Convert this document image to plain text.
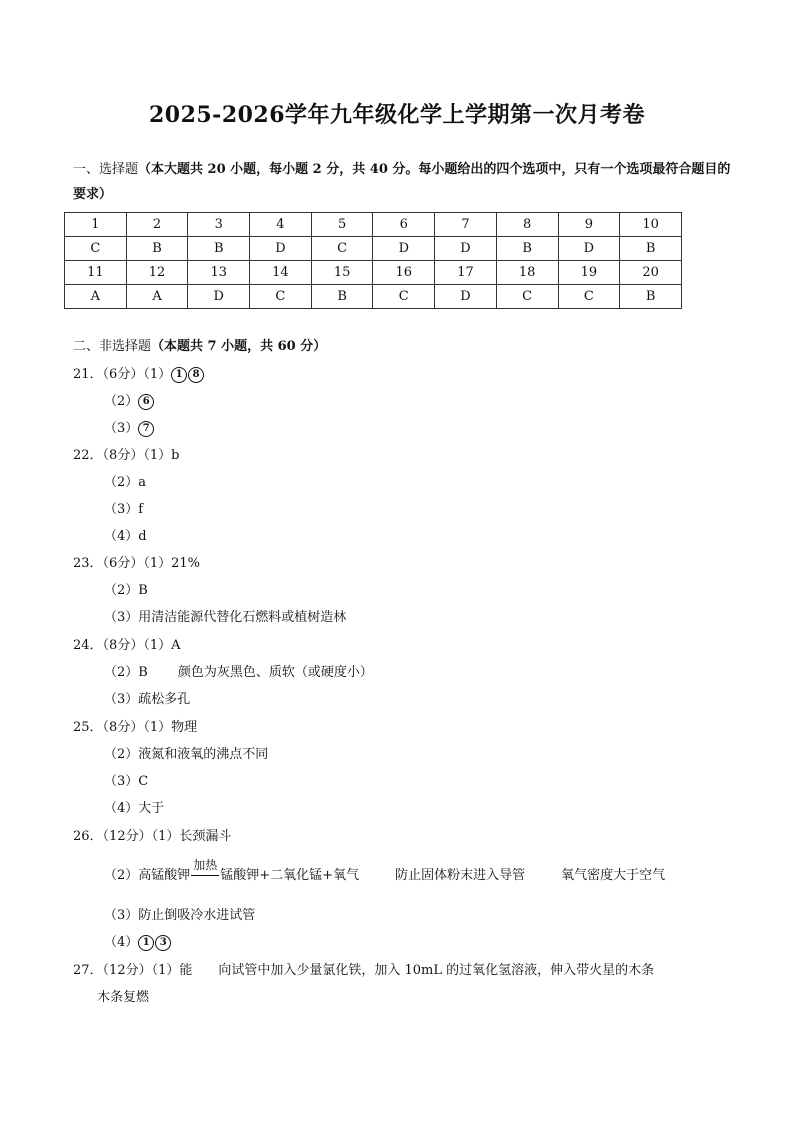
2025-2026学年九年级化学上学期第一次月考卷
一、选择题（本大题共 20 小题，每小题 2 分，共 40 分。每小题给出的四个选项中，只有一个选项最符合题目的要求）
1	2	3	4	5	6	7	8	9	10
C	B	B	D	C	D	D	B	D	B
11	12	13	14	15	16	17	18	19	20
A	A	D	C	B	C	D	C	C	B
二、非选择题（本题共 7 小题，共 60 分）
21．（6分）（1） 1 8
（2） 6
（3） 7
22．（8分）（1）b
（2）a
（3）f
（4）d
23．（6分）（1）21%
（2）B
（3）用清洁能源代替化石燃料或植树造林
24．（8分）（1）A
（2）B 颜色为灰黑色、质软（或硬度小）
（3）疏松多孔
25．（8分）（1）物理
（2）液氮和液氧的沸点不同
（3）C
（4）大于
26．（12分）（1）长颈漏斗
（2）高锰酸钾
加热
锰酸钾+二氧化锰+氧气	防止固体粉末进入导管	氧气密度大于空气
（3）防止倒吸冷水进试管
（4） 1 3
27．（12分）（1）能 向试管中加入少量氯化铁，加入 10mL 的过氧化氢溶液，伸入带火星的木条
木条复燃
